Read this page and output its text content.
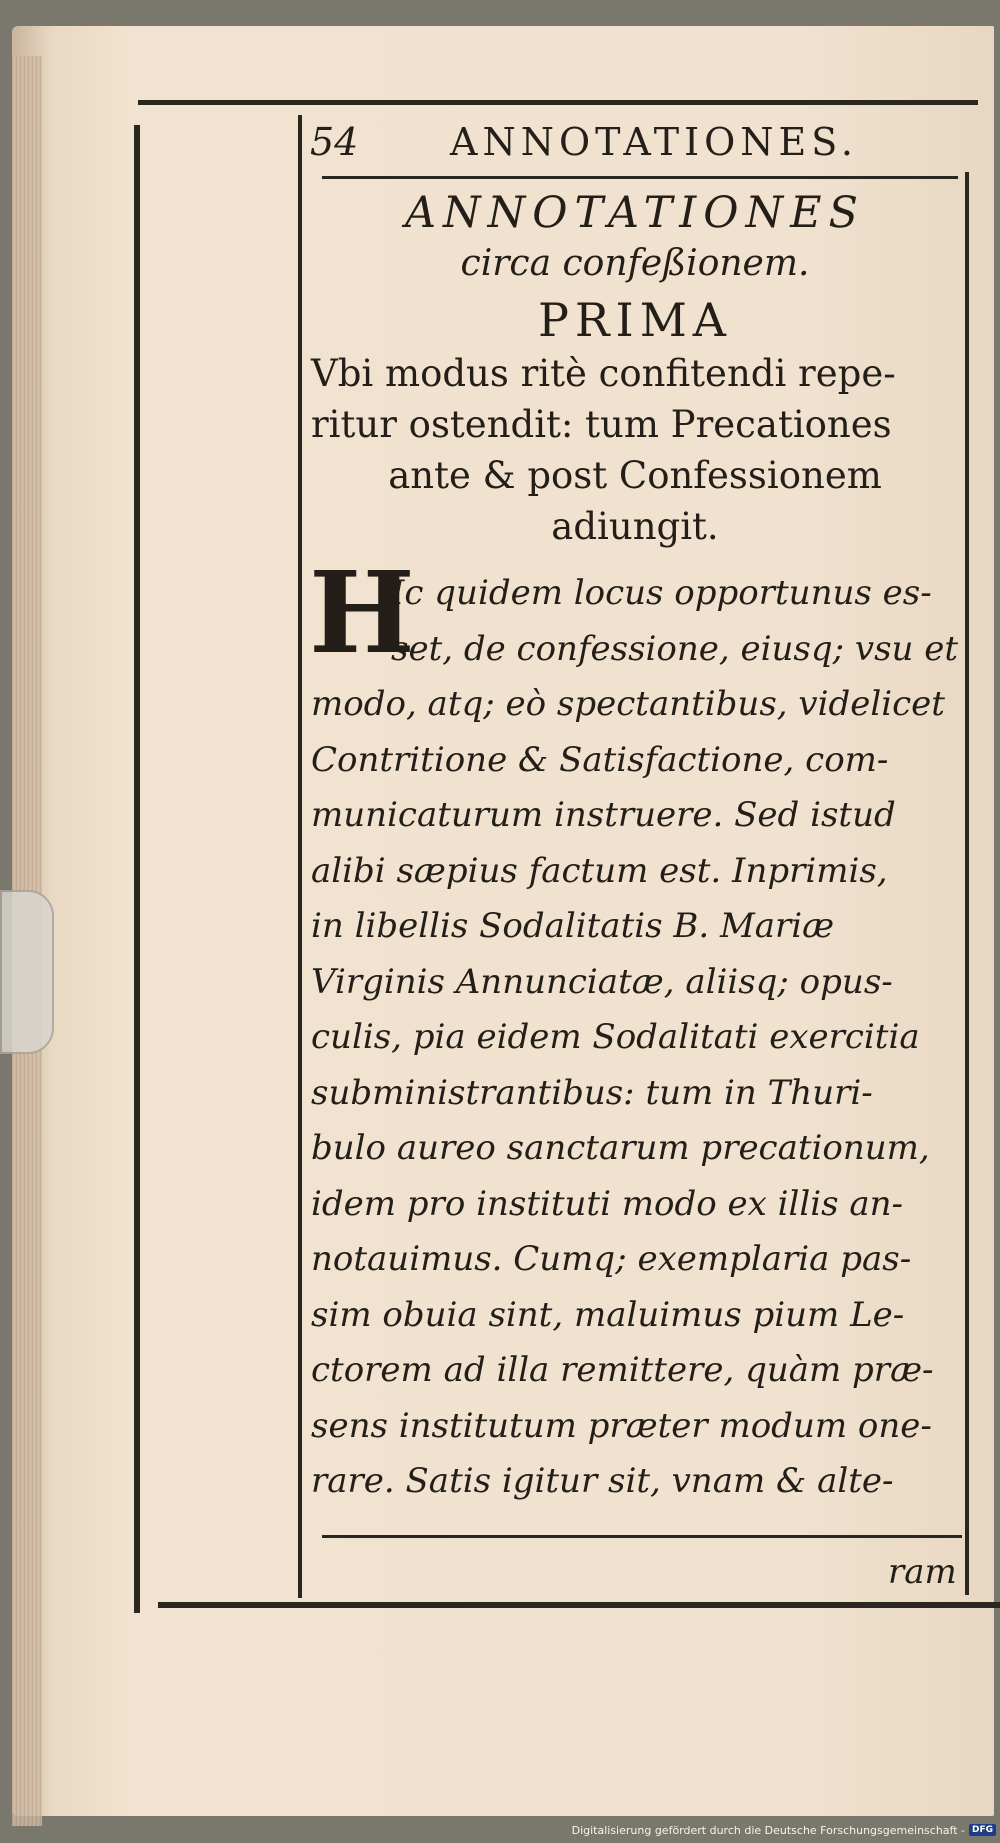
54 ANNOTATIONES.
ANNOTATIONES
circa confeßionem.
PRIMA
Vbi modus ritè confitendi repe-
ritur ostendit: tum Precationes
ante & post Confessionem
adiungit.
H
Ic quidem locus opportunus es-
set, de confessione, eiusq; vsu et
modo, atq; eò spectantibus, videlicet
Contritione & Satisfactione, com-
municaturum instruere. Sed istud
alibi sæpius factum est. Inprimis,
in libellis Sodalitatis B. Mariæ
Virginis Annunciatæ, aliisq; opus-
culis, pia eidem Sodalitati exercitia
subministrantibus: tum in Thuri-
bulo aureo sanctarum precationum,
idem pro instituti modo ex illis an-
notauimus. Cumq; exemplaria pas-
sim obuia sint, maluimus pium Le-
ctorem ad illa remittere, quàm præ-
sens institutum præter modum one-
rare. Satis igitur sit, vnam & alte-
ram
Digitalisierung gefördert durch die Deutsche Forschungsgemeinschaft - DFG
